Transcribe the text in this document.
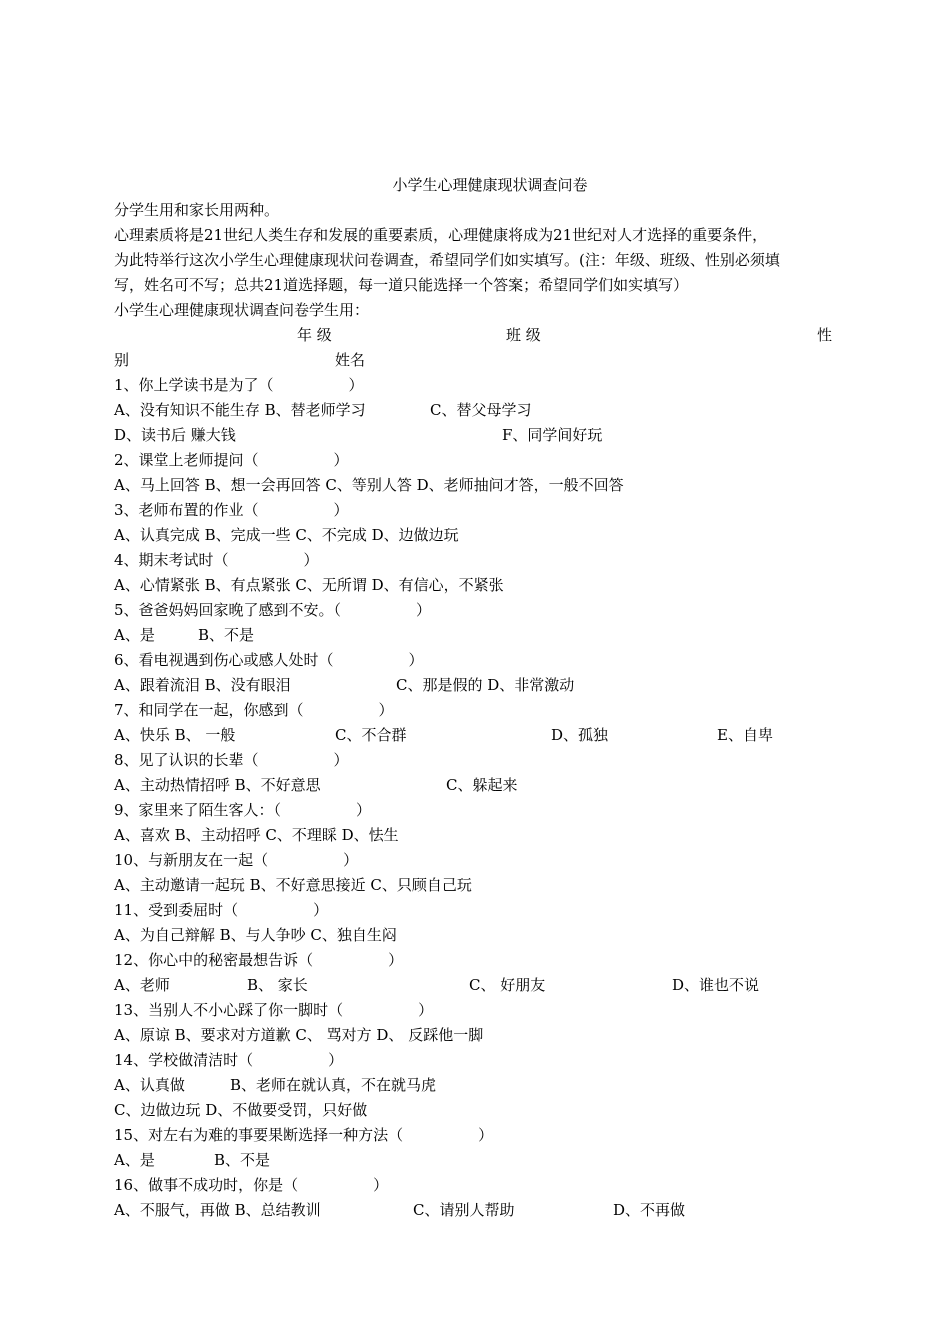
小学生心理健康现状调查问卷
分学生用和家长用两种。
心理素质将是21世纪人类生存和发展的重要素质，心理健康将成为21世纪对人才选择的重要条件，
为此特举行这次小学生心理健康现状问卷调查，希望同学们如实填写。(注：年级、班级、性别必须填
写，姓名可不写；总共21道选择题，每一道只能选择一个答案；希望同学们如实填写）
小学生心理健康现状调查问卷学生用：
年 级	班 级	性
别	姓名
1、你上学读书是为了（　　　　　）
A、没有知识不能生存 B、替老师学习	C、替父母学习
D、读书后 赚大钱	F、同学间好玩
2、课堂上老师提问（　　　　　）
A、马上回答 B、想一会再回答 C、等别人答 D、老师抽问才答，一般不回答
3、老师布置的作业（　　　　　）
A、认真完成 B、完成一些 C、不完成 D、边做边玩
4、期末考试时（　　　　　）
A、心情紧张 B、有点紧张 C、无所谓 D、有信心，不紧张
5、爸爸妈妈回家晚了感到不安。（　　　　　）
A、是	B、不是
6、看电视遇到伤心或感人处时（　　　　　）
A、跟着流泪 B、没有眼泪	C、那是假的 D、非常激动
7、和同学在一起，你感到（　　　　　）
A、快乐 B、 一般	C、不合群	D、孤独	E、自卑
8、见了认识的长辈（　　　　　）
A、主动热情招呼 B、不好意思	C、躲起来
9、家里来了陌生客人：（　　　　　）
A、喜欢 B、主动招呼 C、不理睬 D、怯生
10、与新朋友在一起（　　　　　）
A、主动邀请一起玩 B、不好意思接近 C、只顾自己玩
11、受到委屈时（　　　　　）
A、为自己辩解 B、与人争吵 C、独自生闷
12、你心中的秘密最想告诉（　　　　　）
A、老师	B、 家长	C、 好朋友	D、谁也不说
13、当别人不小心踩了你一脚时（　　　　　）
A、原谅 B、要求对方道歉 C、 骂对方 D、 反踩他一脚
14、学校做清洁时（　　　　　）
A、认真做	B、老师在就认真，不在就马虎
C、边做边玩 D、不做要受罚，只好做
15、对左右为难的事要果断选择一种方法（　　　　　）
A、是	B、不是
16、做事不成功时，你是（　　　　　）
A、不服气，再做 B、总结教训	C、请别人帮助	D、不再做
